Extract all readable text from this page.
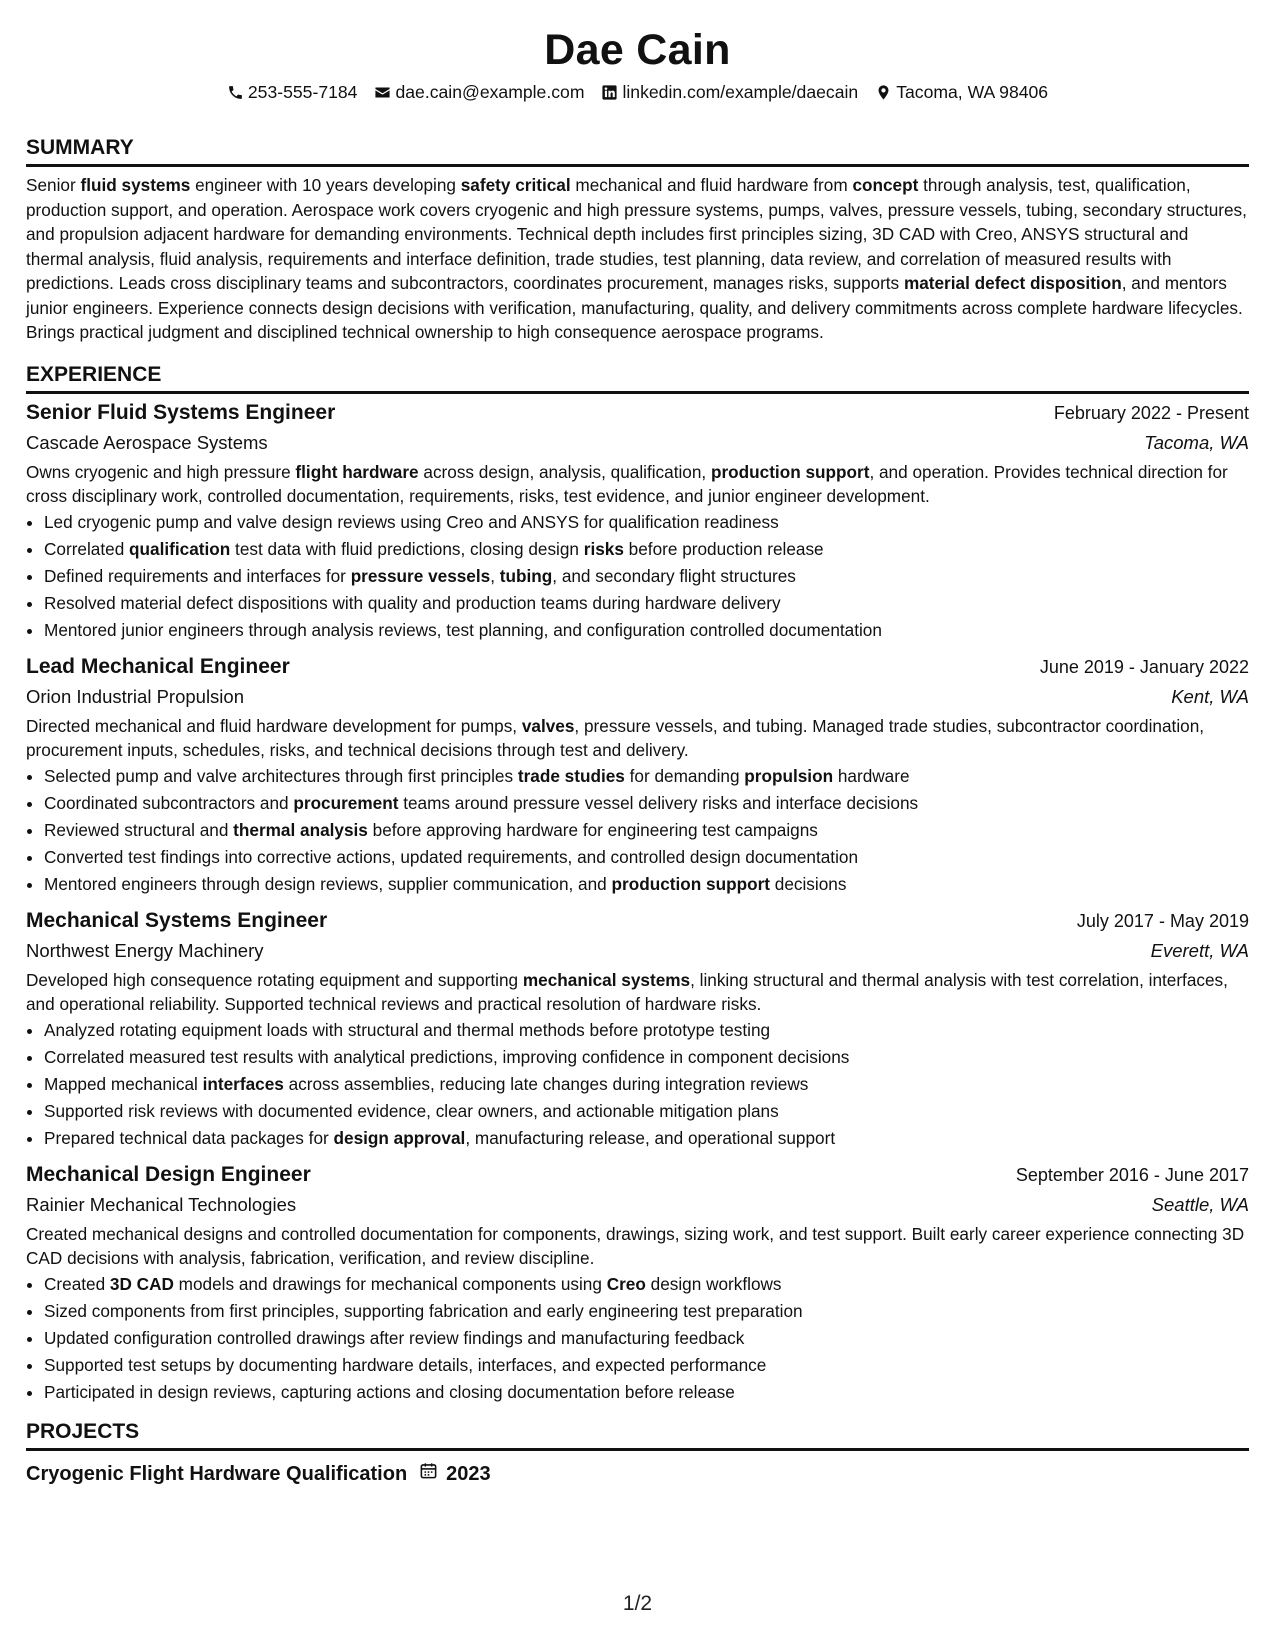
Dae Cain
253-555-7184 dae.cain@example.com linkedin.com/example/daecain Tacoma, WA 98406
SUMMARY
Senior fluid systems engineer with 10 years developing safety critical mechanical and fluid hardware from concept through analysis, test, qualification, production support, and operation. Aerospace work covers cryogenic and high pressure systems, pumps, valves, pressure vessels, tubing, secondary structures, and propulsion adjacent hardware for demanding environments. Technical depth includes first principles sizing, 3D CAD with Creo, ANSYS structural and thermal analysis, fluid analysis, requirements and interface definition, trade studies, test planning, data review, and correlation of measured results with predictions. Leads cross disciplinary teams and subcontractors, coordinates procurement, manages risks, supports material defect disposition, and mentors junior engineers. Experience connects design decisions with verification, manufacturing, quality, and delivery commitments across complete hardware lifecycles. Brings practical judgment and disciplined technical ownership to high consequence aerospace programs.
EXPERIENCE
Senior Fluid Systems Engineer	February 2022 - Present
Cascade Aerospace Systems	Tacoma, WA
Owns cryogenic and high pressure flight hardware across design, analysis, qualification, production support, and operation. Provides technical direction for cross disciplinary work, controlled documentation, requirements, risks, test evidence, and junior engineer development.
• Led cryogenic pump and valve design reviews using Creo and ANSYS for qualification readiness
• Correlated qualification test data with fluid predictions, closing design risks before production release
• Defined requirements and interfaces for pressure vessels, tubing, and secondary flight structures
• Resolved material defect dispositions with quality and production teams during hardware delivery
• Mentored junior engineers through analysis reviews, test planning, and configuration controlled documentation
Lead Mechanical Engineer	June 2019 - January 2022
Orion Industrial Propulsion	Kent, WA
Directed mechanical and fluid hardware development for pumps, valves, pressure vessels, and tubing. Managed trade studies, subcontractor coordination, procurement inputs, schedules, risks, and technical decisions through test and delivery.
• Selected pump and valve architectures through first principles trade studies for demanding propulsion hardware
• Coordinated subcontractors and procurement teams around pressure vessel delivery risks and interface decisions
• Reviewed structural and thermal analysis before approving hardware for engineering test campaigns
• Converted test findings into corrective actions, updated requirements, and controlled design documentation
• Mentored engineers through design reviews, supplier communication, and production support decisions
Mechanical Systems Engineer	July 2017 - May 2019
Northwest Energy Machinery	Everett, WA
Developed high consequence rotating equipment and supporting mechanical systems, linking structural and thermal analysis with test correlation, interfaces, and operational reliability. Supported technical reviews and practical resolution of hardware risks.
• Analyzed rotating equipment loads with structural and thermal methods before prototype testing
• Correlated measured test results with analytical predictions, improving confidence in component decisions
• Mapped mechanical interfaces across assemblies, reducing late changes during integration reviews
• Supported risk reviews with documented evidence, clear owners, and actionable mitigation plans
• Prepared technical data packages for design approval, manufacturing release, and operational support
Mechanical Design Engineer	September 2016 - June 2017
Rainier Mechanical Technologies	Seattle, WA
Created mechanical designs and controlled documentation for components, drawings, sizing work, and test support. Built early career experience connecting 3D CAD decisions with analysis, fabrication, verification, and review discipline.
• Created 3D CAD models and drawings for mechanical components using Creo design workflows
• Sized components from first principles, supporting fabrication and early engineering test preparation
• Updated configuration controlled drawings after review findings and manufacturing feedback
• Supported test setups by documenting hardware details, interfaces, and expected performance
• Participated in design reviews, capturing actions and closing documentation before release
PROJECTS
Cryogenic Flight Hardware Qualification 2023
1/2
